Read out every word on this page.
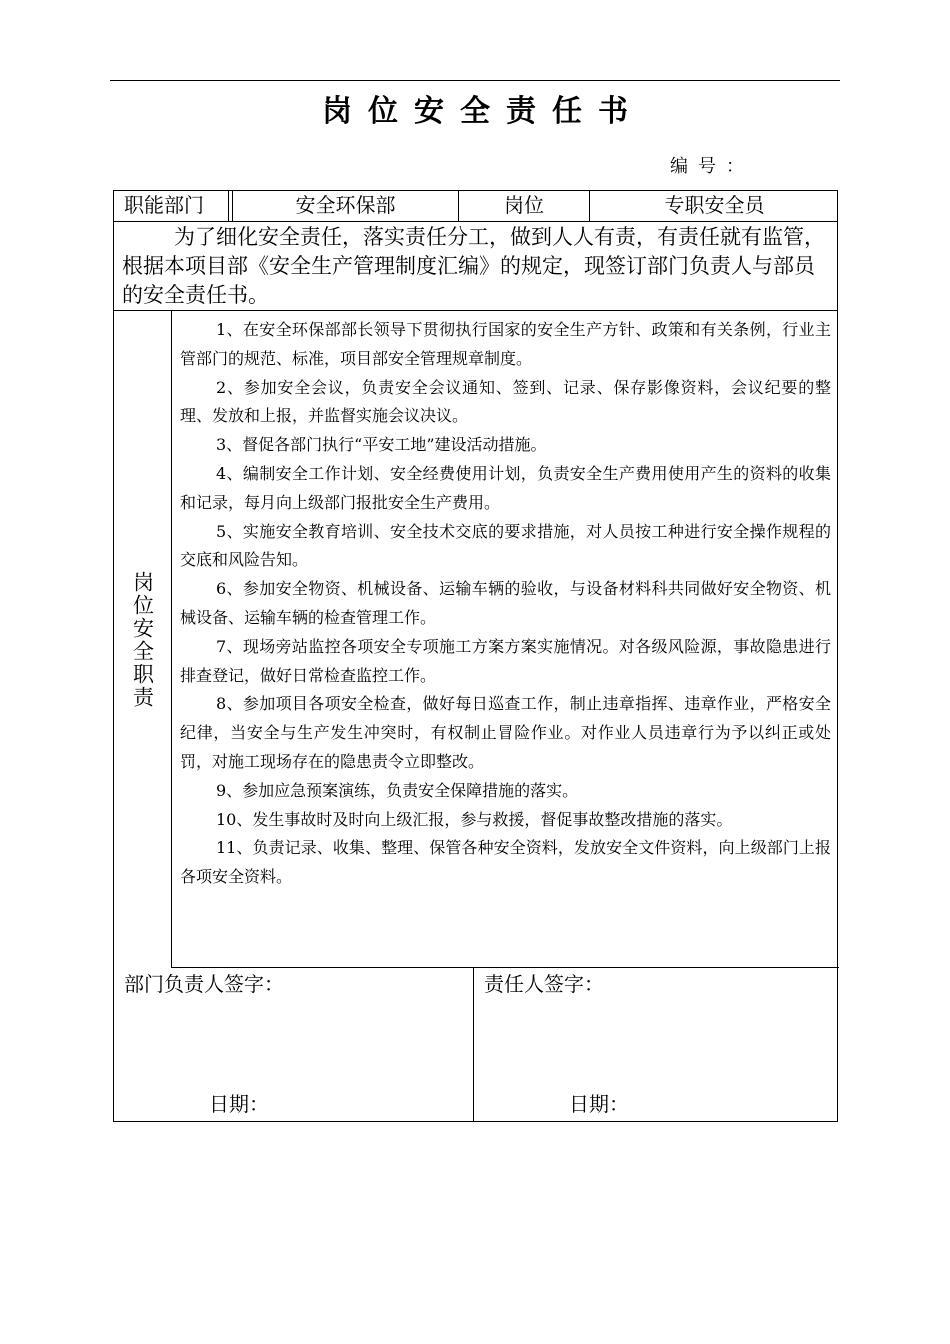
岗位安全责任书
编号：
职能部门	安全环保部	岗位	专职安全员
为了细化安全责任，落实责任分工，做到人人有责，有责任就有监管，根据本项目部《安全生产管理制度汇编》的规定，现签订部门负责人与部员的安全责任书。
岗位安全职责

1、在安全环保部部长领导下贯彻执行国家的安全生产方针、政策和有关条例，行业主管部门的规范、标准，项目部安全管理规章制度。

2、参加安全会议，负责安全会议通知、签到、记录、保存影像资料，会议纪要的整理、发放和上报，并监督实施会议决议。

3、督促各部门执行“平安工地”建设活动措施。

4、编制安全工作计划、安全经费使用计划，负责安全生产费用使用产生的资料的收集和记录，每月向上级部门报批安全生产费用。

5、实施安全教育培训、安全技术交底的要求措施，对人员按工种进行安全操作规程的交底和风险告知。

6、参加安全物资、机械设备、运输车辆的验收，与设备材料科共同做好安全物资、机械设备、运输车辆的检查管理工作。

7、现场旁站监控各项安全专项施工方案方案实施情况。对各级风险源，事故隐患进行排查登记，做好日常检查监控工作。

8、参加项目各项安全检查，做好每日巡查工作，制止违章指挥、违章作业，严格安全纪律，当安全与生产发生冲突时，有权制止冒险作业。对作业人员违章行为予以纠正或处罚，对施工现场存在的隐患责令立即整改。

9、参加应急预案演练，负责安全保障措施的落实。

10、发生事故时及时向上级汇报，参与救援，督促事故整改措施的落实。

11、负责记录、收集、整理、保管各种安全资料，发放安全文件资料，向上级部门上报各项安全资料。

部门负责人签字：
日期：
责任人签字：
日期：
